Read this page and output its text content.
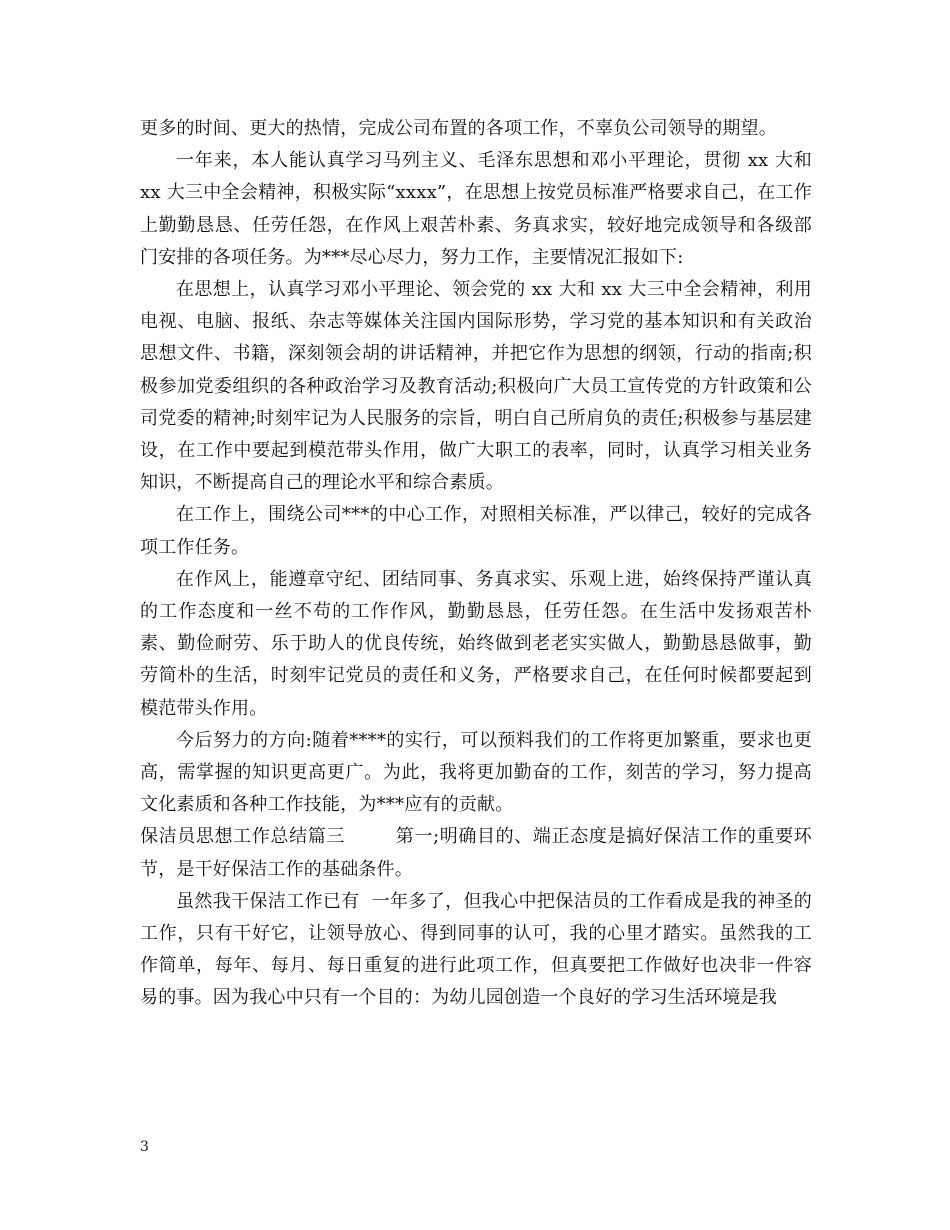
更多的时间、更大的热情，完成公司布置的各项工作，不辜负公司领导的期望。

一年来，本人能认真学习马列主义、毛泽东思想和邓小平理论，贯彻 xx 大和 xx 大三中全会精神，积极实际“xxxx”，在思想上按党员标准严格要求自己，在工作上勤勤恳恳、任劳任怨，在作风上艰苦朴素、务真求实，较好地完成领导和各级部门安排的各项任务。为***尽心尽力，努力工作，主要情况汇报如下:

在思想上，认真学习邓小平理论、领会党的 xx 大和 xx 大三中全会精神，利用电视、电脑、报纸、杂志等媒体关注国内国际形势，学习党的基本知识和有关政治思想文件、书籍，深刻领会胡的讲话精神，并把它作为思想的纲领，行动的指南;积极参加党委组织的各种政治学习及教育活动;积极向广大员工宣传党的方针政策和公司党委的精神;时刻牢记为人民服务的宗旨，明白自己所肩负的责任;积极参与基层建设，在工作中要起到模范带头作用，做广大职工的表率，同时，认真学习相关业务知识，不断提高自己的理论水平和综合素质。

在工作上，围绕公司***的中心工作，对照相关标准，严以律己，较好的完成各项工作任务。

在作风上，能遵章守纪、团结同事、务真求实、乐观上进，始终保持严谨认真的工作态度和一丝不苟的工作作风，勤勤恳恳，任劳任怨。在生活中发扬艰苦朴素、勤俭耐劳、乐于助人的优良传统，始终做到老老实实做人，勤勤恳恳做事，勤劳简朴的生活，时刻牢记党员的责任和义务，严格要求自己，在任何时候都要起到模范带头作用。

今后努力的方向:随着****的实行，可以预料我们的工作将更加繁重，要求也更高，需掌握的知识更高更广。为此，我将更加勤奋的工作，刻苦的学习，努力提高文化素质和各种工作技能，为***应有的贡献。

保洁员思想工作总结篇三        第一;明确目的、端正态度是搞好保洁工作的重要环节，是干好保洁工作的基础条件。

虽然我干保洁工作已有  一年多了，但我心中把保洁员的工作看成是我的神圣的工作，只有干好它，让领导放心、得到同事的认可，我的心里才踏实。虽然我的工作简单，每年、每月、每日重复的进行此项工作，但真要把工作做好也决非一件容易的事。因为我心中只有一个目的：为幼儿园创造一个良好的学习生活环境是我

3
